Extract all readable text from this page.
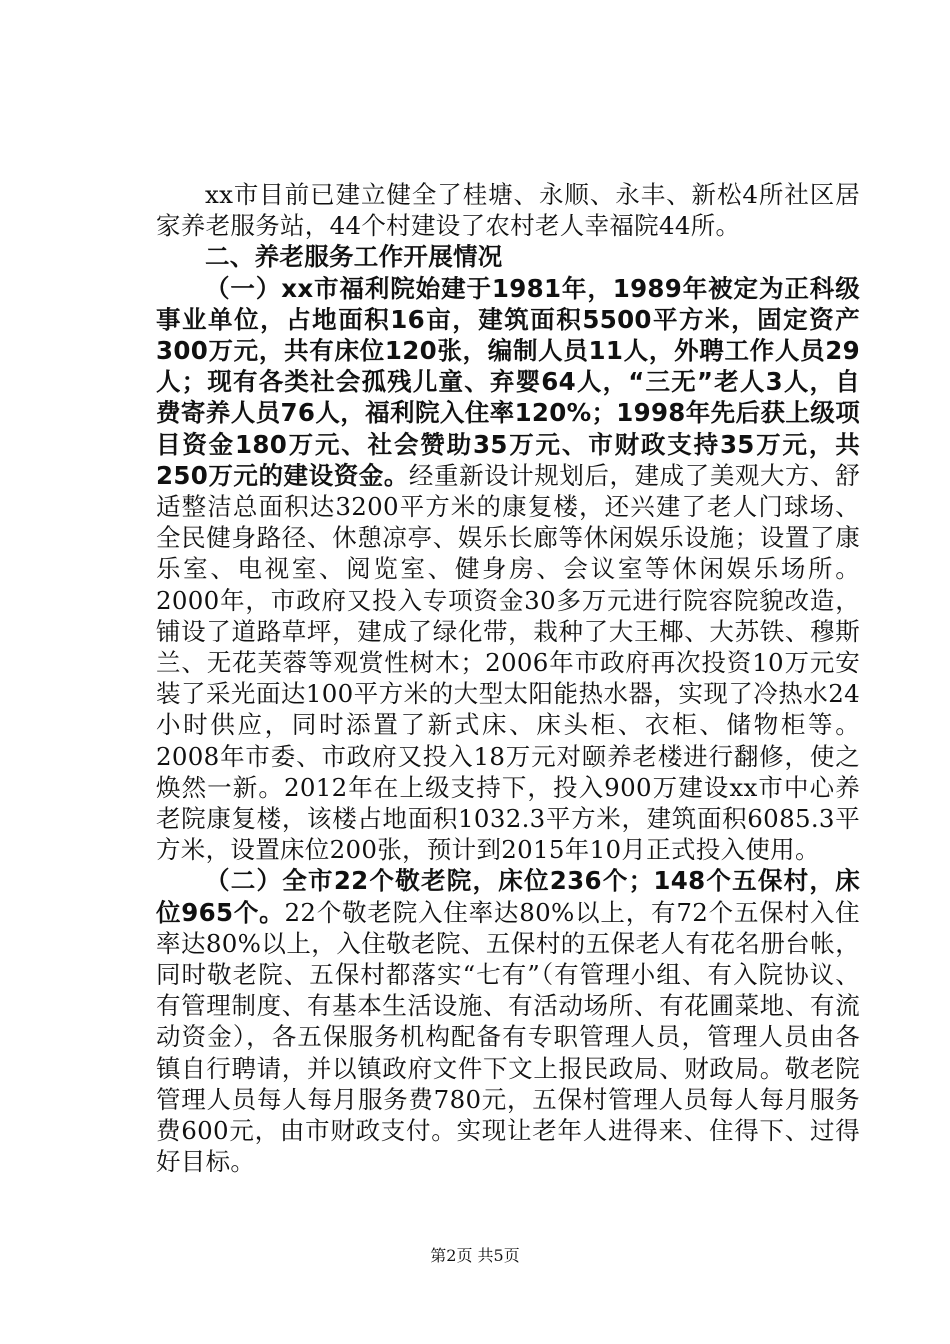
xx市目前已建立健全了桂塘、永顺、永丰、新松4所社区居家养老服务站，44个村建设了农村老人幸福院44所。

二、养老服务工作开展情况

（一）xx市福利院始建于1981年，1989年被定为正科级事业单位，占地面积16亩，建筑面积5500平方米，固定资产300万元，共有床位120张，编制人员11人，外聘工作人员29人；现有各类社会孤残儿童、弃婴64人，“三无”老人3人，自费寄养人员76人，福利院入住率120%；1998年先后获上级项目资金180万元、社会赞助35万元、市财政支持35万元，共250万元的建设资金。经重新设计规划后，建成了美观大方、舒适整洁总面积达3200平方米的康复楼，还兴建了老人门球场、全民健身路径、休憩凉亭、娱乐长廊等休闲娱乐设施；设置了康乐室、电视室、阅览室、健身房、会议室等休闲娱乐场所。2000年，市政府又投入专项资金30多万元进行院容院貌改造，铺设了道路草坪，建成了绿化带，栽种了大王椰、大苏铁、穆斯兰、无花芙蓉等观赏性树木；2006年市政府再次投资10万元安装了采光面达100平方米的大型太阳能热水器，实现了冷热水24小时供应，同时添置了新式床、床头柜、衣柜、储物柜等。2008年市委、市政府又投入18万元对颐养老楼进行翻修，使之焕然一新。2012年在上级支持下，投入900万建设xx市中心养老院康复楼，该楼占地面积1032.3平方米，建筑面积6085.3平方米，设置床位200张，预计到2015年10月正式投入使用。

（二）全市22个敬老院，床位236个；148个五保村，床位965个。22个敬老院入住率达80%以上，有72个五保村入住率达80%以上，入住敬老院、五保村的五保老人有花名册台帐，同时敬老院、五保村都落实“七有”（有管理小组、有入院协议、有管理制度、有基本生活设施、有活动场所、有花圃菜地、有流动资金），各五保服务机构配备有专职管理人员，管理人员由各镇自行聘请，并以镇政府文件下文上报民政局、财政局。敬老院管理人员每人每月服务费780元，五保村管理人员每人每月服务费600元，由市财政支付。实现让老年人进得来、住得下、过得好目标。

第2页 共5页
